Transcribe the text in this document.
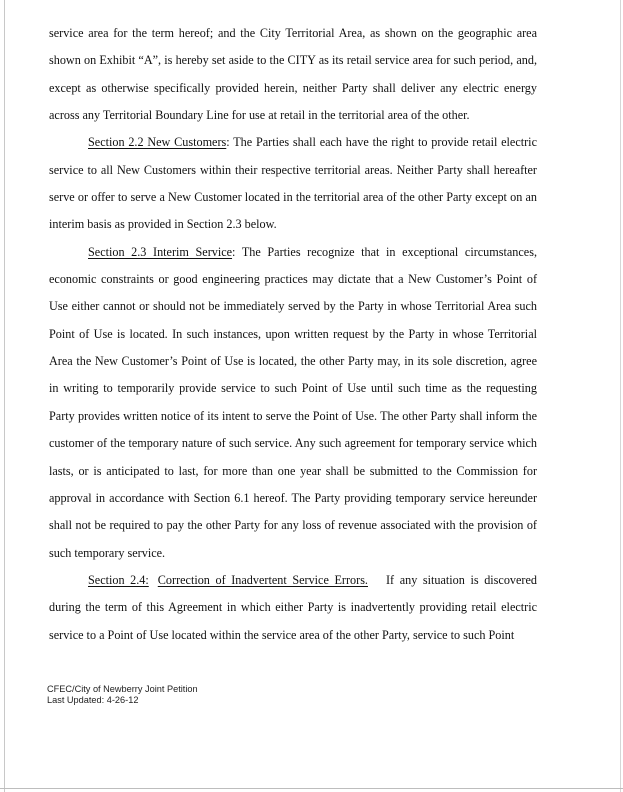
service area for the term hereof; and the City Territorial Area, as shown on the geographic area shown on Exhibit “A”, is hereby set aside to the CITY as its retail service area for such period, and, except as otherwise specifically provided herein, neither Party shall deliver any electric energy across any Territorial Boundary Line for use at retail in the territorial area of the other.

Section 2.2 New Customers: The Parties shall each have the right to provide retail electric service to all New Customers within their respective territorial areas. Neither Party shall hereafter serve or offer to serve a New Customer located in the territorial area of the other Party except on an interim basis as provided in Section 2.3 below.

Section 2.3 Interim Service: The Parties recognize that in exceptional circumstances, economic constraints or good engineering practices may dictate that a New Customer’s Point of Use either cannot or should not be immediately served by the Party in whose Territorial Area such Point of Use is located. In such instances, upon written request by the Party in whose Territorial Area the New Customer’s Point of Use is located, the other Party may, in its sole discretion, agree in writing to temporarily provide service to such Point of Use until such time as the requesting Party provides written notice of its intent to serve the Point of Use. The other Party shall inform the customer of the temporary nature of such service. Any such agreement for temporary service which lasts, or is anticipated to last, for more than one year shall be submitted to the Commission for approval in accordance with Section 6.1 hereof. The Party providing temporary service hereunder shall not be required to pay the other Party for any loss of revenue associated with the provision of such temporary service.

Section 2.4: Correction of Inadvertent Service Errors. If any situation is discovered during the term of this Agreement in which either Party is inadvertently providing retail electric service to a Point of Use located within the service area of the other Party, service to such Point

CFEC/City of Newberry Joint Petition
Last Updated: 4-26-12
